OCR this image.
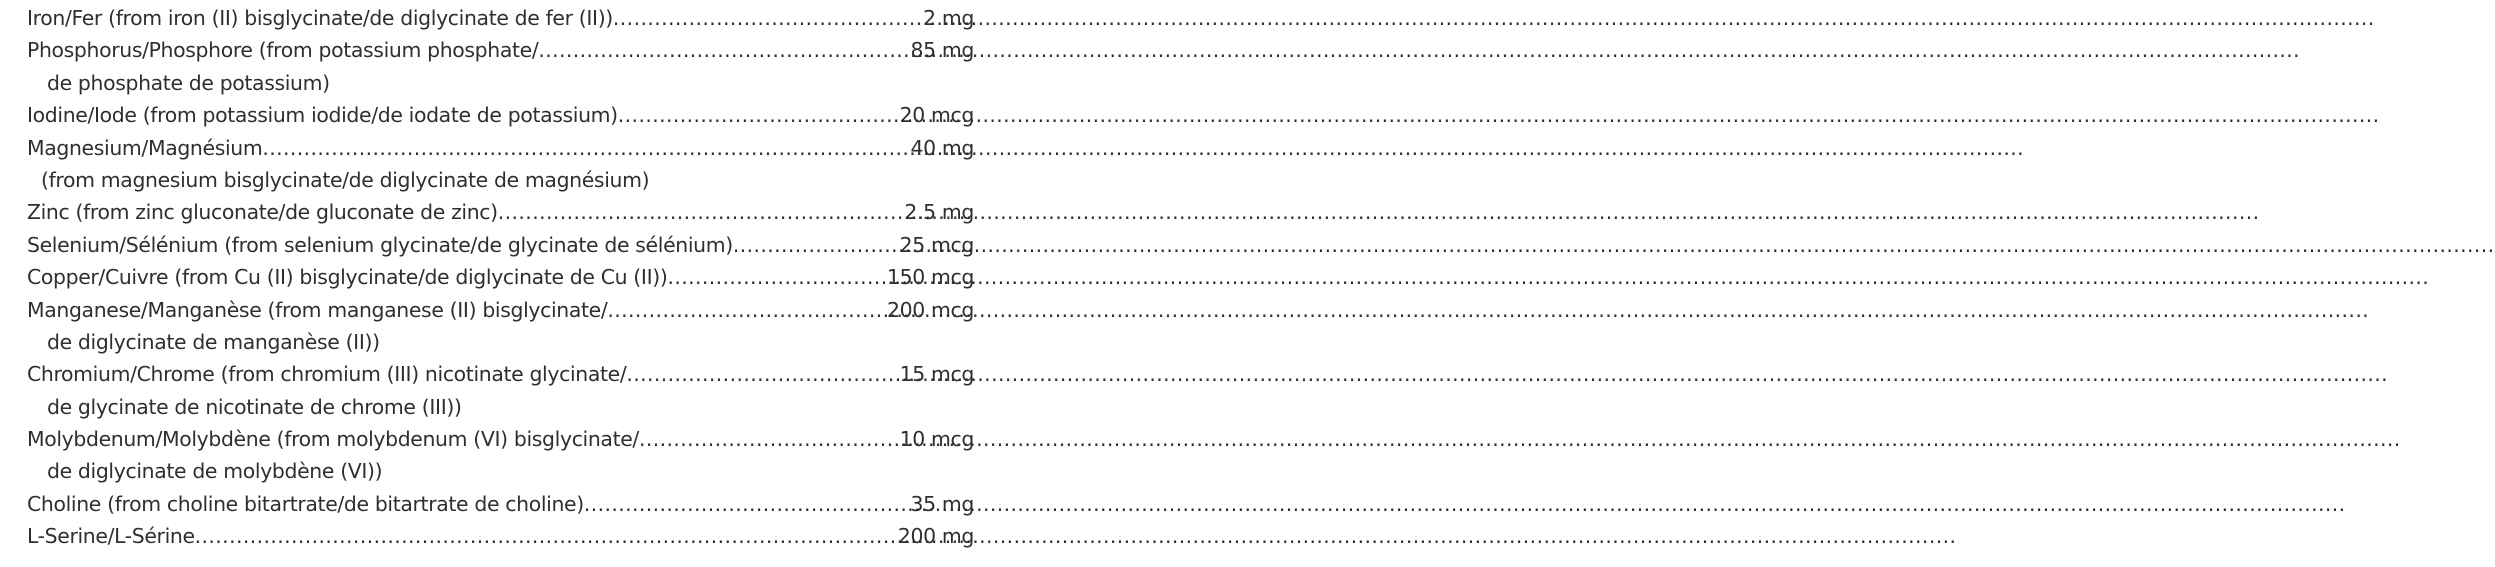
Iron/Fer (from iron (II) bisglycinate/de diglycinate de fer (II)) .....	2 mg
Phosphorus/Phosphore (from potassium phosphate/ .....	85 mg
de phosphate de potassium)
Iodine/Iode (from potassium iodide/de iodate de potassium) .....	20 mcg
Magnesium/Magnésium .....	40 mg
(from magnesium bisglycinate/de diglycinate de magnésium)
Zinc (from zinc gluconate/de gluconate de zinc) .....	2.5 mg
Selenium/Sélénium (from selenium glycinate/de glycinate de sélénium) .....	25 mcg
Copper/Cuivre (from Cu (II) bisglycinate/de diglycinate de Cu (II)) .....	150 mcg
Manganese/Manganèse (from manganese (II) bisglycinate/ .....	200 mcg
de diglycinate de manganèse (II))
Chromium/Chrome (from chromium (III) nicotinate glycinate/ .....	15 mcg
de glycinate de nicotinate de chrome (III))
Molybdenum/Molybdène (from molybdenum (VI) bisglycinate/ .....	10 mcg
de diglycinate de molybdène (VI))
Choline (from choline bitartrate/de bitartrate de choline) .....	35 mg
L-Serine/L-Sérine .....	200 mg
